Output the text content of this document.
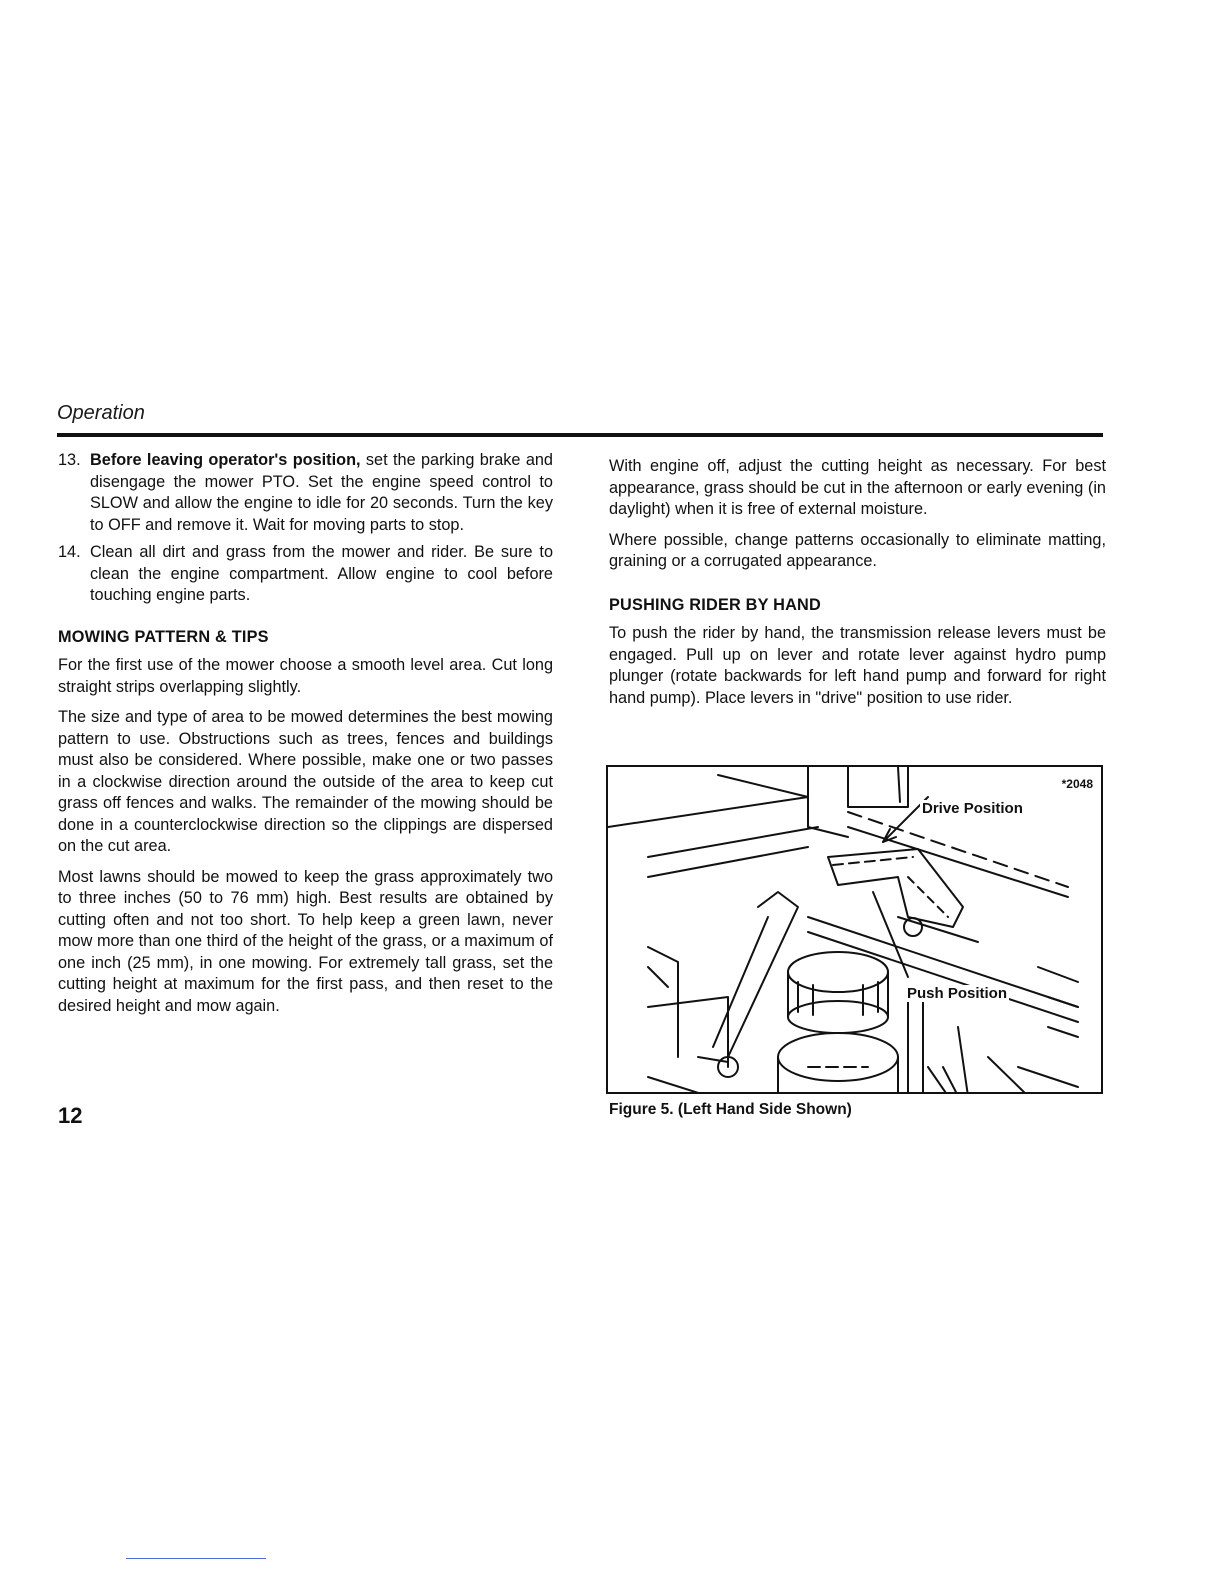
Operation
13. Before leaving operator's position, set the parking brake and disengage the mower PTO. Set the engine speed control to SLOW and allow the engine to idle for 20 seconds. Turn the key to OFF and remove it. Wait for moving parts to stop.
14. Clean all dirt and grass from the mower and rider. Be sure to clean the engine compartment. Allow engine to cool before touching engine parts.
MOWING PATTERN & TIPS

For the first use of the mower choose a smooth level area. Cut long straight strips overlapping slightly.

The size and type of area to be mowed determines the best mowing pattern to use. Obstructions such as trees, fences and buildings must also be considered. Where possible, make one or two passes in a clockwise direction around the outside of the area to keep cut grass off fences and walks. The remainder of the mowing should be done in a counterclockwise direction so the clippings are dispersed on the cut area.

Most lawns should be mowed to keep the grass approximately two to three inches (50 to 76 mm) high. Best results are obtained by cutting often and not too short. To help keep a green lawn, never mow more than one third of the height of the grass, or a maximum of one inch (25 mm), in one mowing. For extremely tall grass, set the cutting height at maximum for the first pass, and then reset to the desired height and mow again.

With engine off, adjust the cutting height as necessary. For best appearance, grass should be cut in the afternoon or early evening (in daylight) when it is free of external moisture.

Where possible, change patterns occasionally to eliminate matting, graining or a corrugated appearance.

PUSHING RIDER BY HAND

To push the rider by hand, the transmission release levers must be engaged. Pull up on lever and rotate lever against hydro pump plunger (rotate backwards for left hand pump and forward for right hand pump). Place levers in "drive" position to use rider.

*2048
Drive Position
Push Position
Figure 5. (Left Hand Side Shown)
12
